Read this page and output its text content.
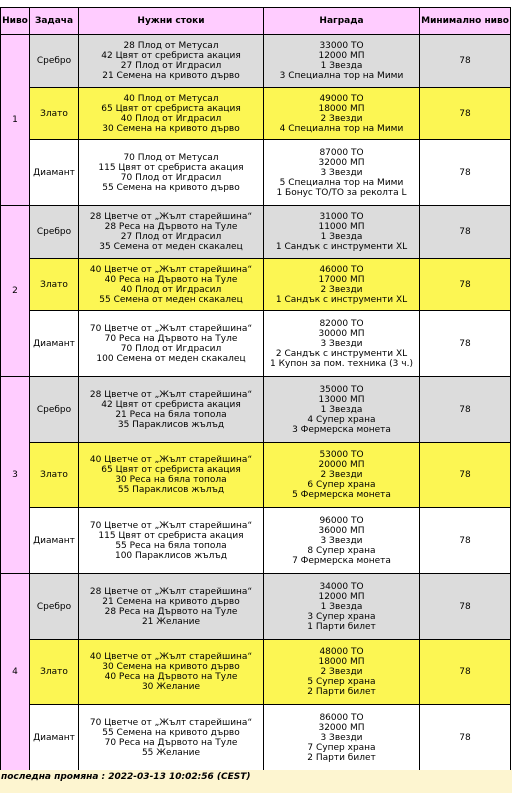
Ниво	Задача	Нужни стоки	Награда	Минимално ниво
1	Сребро	28 Плод от Метусал
42 Цвят от сребриста акация
27 Плод от Игдрасил
21 Семена на кривото дърво	33000 ТО
12000 МП
1 Звезда
3 Специална тор на Мими	78
	Злато	40 Плод от Метусал
65 Цвят от сребриста акация
40 Плод от Игдрасил
30 Семена на кривото дърво	49000 ТО
18000 МП
2 Звезди
4 Специална тор на Мими	78
	Диамант	70 Плод от Метусал
115 Цвят от сребриста акация
70 Плод от Игдрасил
55 Семена на кривото дърво	87000 ТО
32000 МП
3 Звезди
5 Специална тор на Мими
1 Бонус ТО/ТО за реколта L	78
2	Сребро	28 Цветче от „Жълт старейшина“
28 Реса на Дървото на Туле
27 Плод от Игдрасил
35 Семена от меден скакалец	31000 ТО
11000 МП
1 Звезда
1 Сандък с инструменти XL	78
	Злато	40 Цветче от „Жълт старейшина“
40 Реса на Дървото на Туле
40 Плод от Игдрасил
55 Семена от меден скакалец	46000 ТО
17000 МП
2 Звезди
1 Сандък с инструменти XL	78
	Диамант	70 Цветче от „Жълт старейшина“
70 Реса на Дървото на Туле
70 Плод от Игдрасил
100 Семена от меден скакалец	82000 ТО
30000 МП
3 Звезди
2 Сандък с инструменти XL
1 Купон за пом. техника (3 ч.)	78
3	Сребро	28 Цветче от „Жълт старейшина“
42 Цвят от сребриста акация
21 Реса на бяла топола
35 Параклисов жълъд	35000 ТО
13000 МП
1 Звезда
4 Супер храна
3 Фермерска монета	78
	Злато	40 Цветче от „Жълт старейшина“
65 Цвят от сребриста акация
30 Реса на бяла топола
55 Параклисов жълъд	53000 ТО
20000 МП
2 Звезди
6 Супер храна
5 Фермерска монета	78
	Диамант	70 Цветче от „Жълт старейшина“
115 Цвят от сребриста акация
55 Реса на бяла топола
100 Параклисов жълъд	96000 ТО
36000 МП
3 Звезди
8 Супер храна
7 Фермерска монета	78
4	Сребро	28 Цветче от „Жълт старейшина“
21 Семена на кривото дърво
28 Реса на Дървото на Туле
21 Желание	34000 ТО
12000 МП
1 Звезда
3 Супер храна
1 Парти билет	78
	Злато	40 Цветче от „Жълт старейшина“
30 Семена на кривото дърво
40 Реса на Дървото на Туле
30 Желание	48000 ТО
18000 МП
2 Звезди
5 Супер храна
2 Парти билет	78
	Диамант	70 Цветче от „Жълт старейшина“
55 Семена на кривото дърво
70 Реса на Дървото на Туле
55 Желание	86000 ТО
32000 МП
3 Звезди
7 Супер храна
2 Парти билет	78
последна промяна : 2022-03-13 10:02:56 (CEST)
